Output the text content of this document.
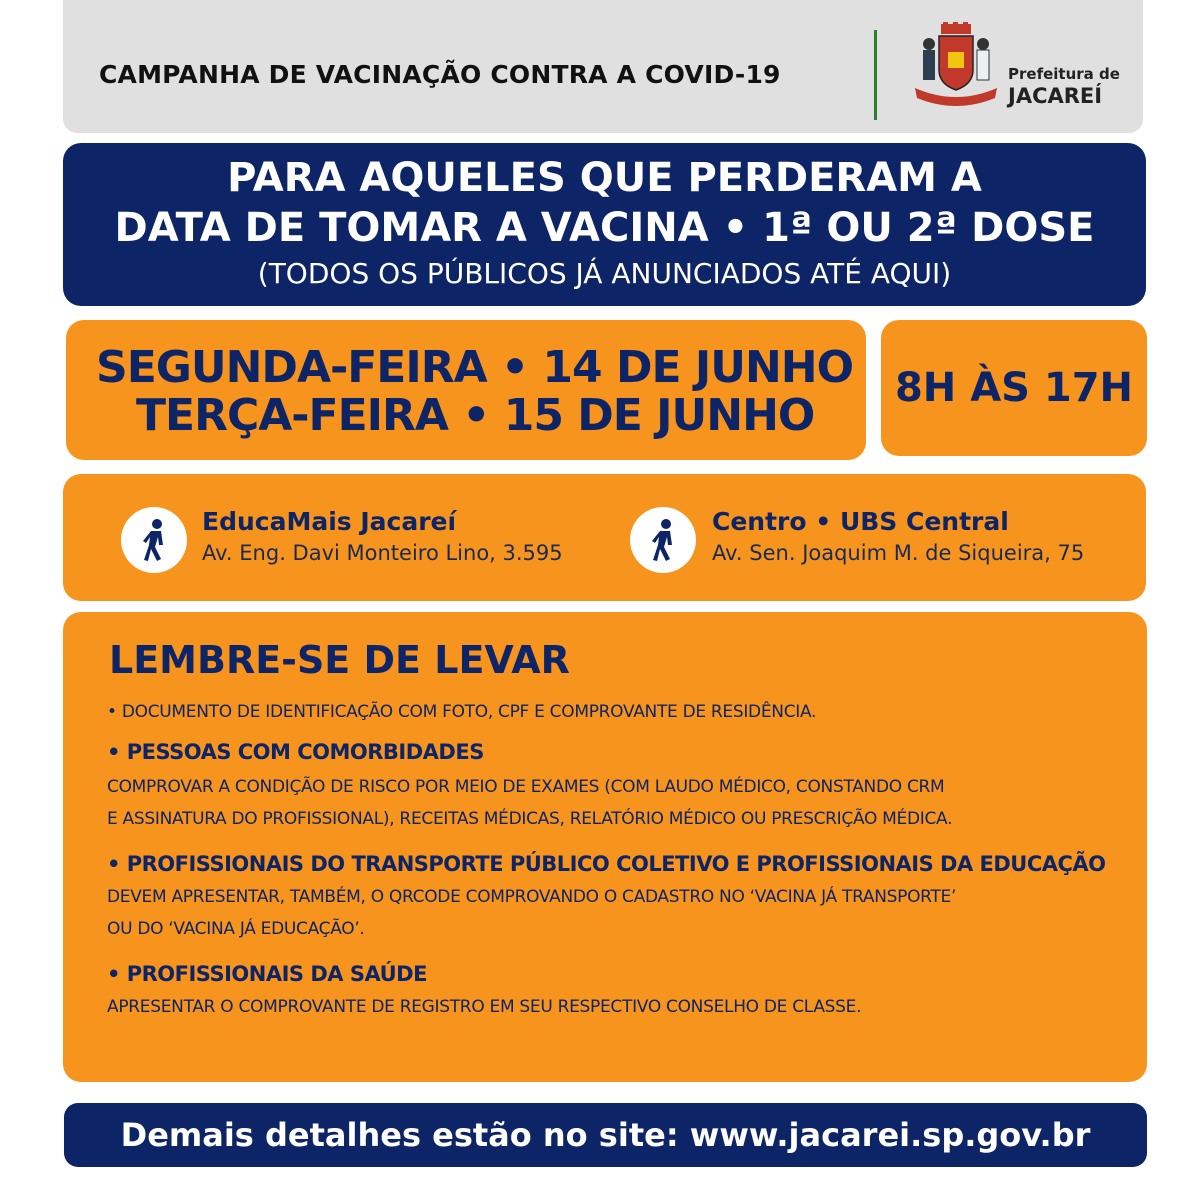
CAMPANHA DE VACINAÇÃO CONTRA A COVID-19	Prefeitura de
JACAREÍ
PARA AQUELES QUE PERDERAM A
DATA DE TOMAR A VACINA • 1ª OU 2ª DOSE
(TODOS OS PÚBLICOS JÁ ANUNCIADOS ATÉ AQUI)
SEGUNDA-FEIRA • 14 DE JUNHO
TERÇA-FEIRA • 15 DE JUNHO
8H ÀS 17H
EducaMais Jacareí
Av. Eng. Davi Monteiro Lino, 3.595
Centro • UBS Central
Av. Sen. Joaquim M. de Siqueira, 75
LEMBRE-SE DE LEVAR
• DOCUMENTO DE IDENTIFICAÇÃO COM FOTO, CPF E COMPROVANTE DE RESIDÊNCIA.
• PESSOAS COM COMORBIDADES
COMPROVAR A CONDIÇÃO DE RISCO POR MEIO DE EXAMES (COM LAUDO MÉDICO, CONSTANDO CRM
E ASSINATURA DO PROFISSIONAL), RECEITAS MÉDICAS, RELATÓRIO MÉDICO OU PRESCRIÇÃO MÉDICA.
• PROFISSIONAIS DO TRANSPORTE PÚBLICO COLETIVO E PROFISSIONAIS DA EDUCAÇÃO
DEVEM APRESENTAR, TAMBÉM, O QRCODE COMPROVANDO O CADASTRO NO ‘VACINA JÁ TRANSPORTE’
OU DO ‘VACINA JÁ EDUCAÇÃO’.
• PROFISSIONAIS DA SAÚDE
APRESENTAR O COMPROVANTE DE REGISTRO EM SEU RESPECTIVO CONSELHO DE CLASSE.
Demais detalhes estão no site: www.jacarei.sp.gov.br
